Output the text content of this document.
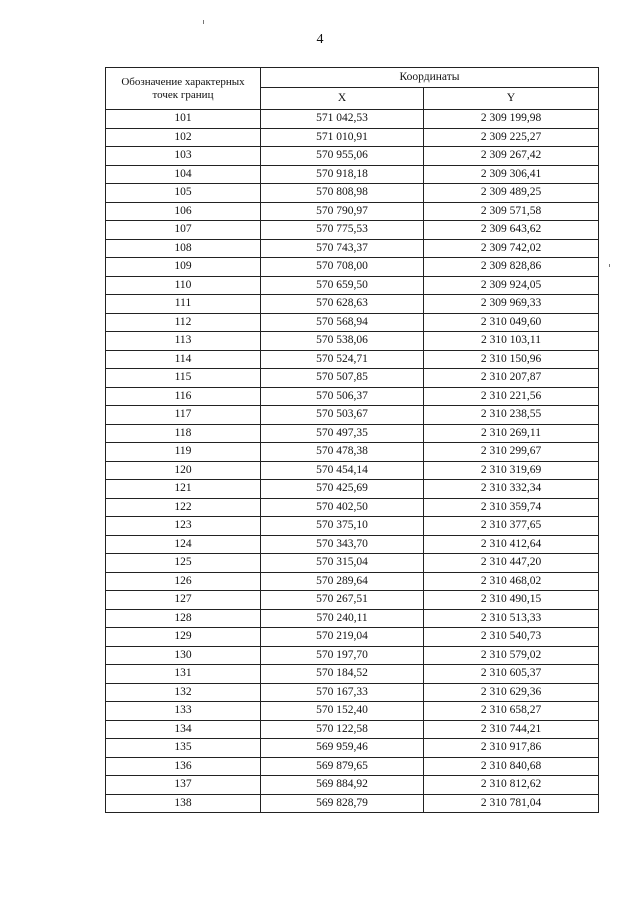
4
Обозначение характерных точек границ	Координаты	
	X	Y
101	571 042,53	2 309 199,98
102	571 010,91	2 309 225,27
103	570 955,06	2 309 267,42
104	570 918,18	2 309 306,41
105	570 808,98	2 309 489,25
106	570 790,97	2 309 571,58
107	570 775,53	2 309 643,62
108	570 743,37	2 309 742,02
109	570 708,00	2 309 828,86
110	570 659,50	2 309 924,05
111	570 628,63	2 309 969,33
112	570 568,94	2 310 049,60
113	570 538,06	2 310 103,11
114	570 524,71	2 310 150,96
115	570 507,85	2 310 207,87
116	570 506,37	2 310 221,56
117	570 503,67	2 310 238,55
118	570 497,35	2 310 269,11
119	570 478,38	2 310 299,67
120	570 454,14	2 310 319,69
121	570 425,69	2 310 332,34
122	570 402,50	2 310 359,74
123	570 375,10	2 310 377,65
124	570 343,70	2 310 412,64
125	570 315,04	2 310 447,20
126	570 289,64	2 310 468,02
127	570 267,51	2 310 490,15
128	570 240,11	2 310 513,33
129	570 219,04	2 310 540,73
130	570 197,70	2 310 579,02
131	570 184,52	2 310 605,37
132	570 167,33	2 310 629,36
133	570 152,40	2 310 658,27
134	570 122,58	2 310 744,21
135	569 959,46	2 310 917,86
136	569 879,65	2 310 840,68
137	569 884,92	2 310 812,62
138	569 828,79	2 310 781,04
